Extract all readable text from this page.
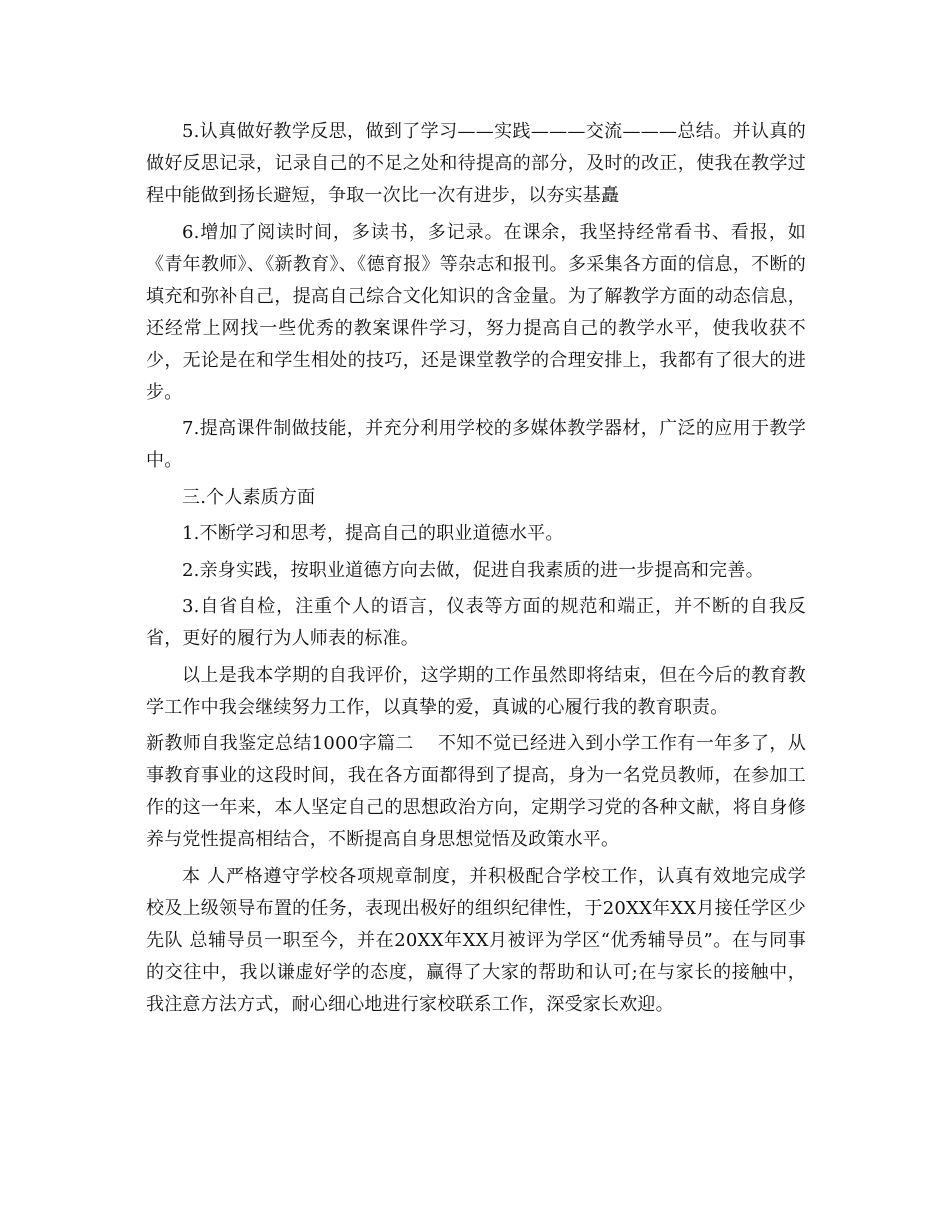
5.认真做好教学反思，做到了学习——实践———交流———总结。并认真的做好反思记录，记录自己的不足之处和待提高的部分，及时的改正，使我在教学过程中能做到扬长避短，争取一次比一次有进步，以夯实基矗

6.增加了阅读时间，多读书，多记录。在课余，我坚持经常看书、看报，如《青年教师》、《新教育》、《德育报》等杂志和报刊。多采集各方面的信息，不断的填充和弥补自己，提高自己综合文化知识的含金量。为了解教学方面的动态信息，还经常上网找一些优秀的教案课件学习，努力提高自己的教学水平，使我收获不少，无论是在和学生相处的技巧，还是课堂教学的合理安排上，我都有了很大的进步。

7.提高课件制做技能，并充分利用学校的多媒体教学器材，广泛的应用于教学中。

三.个人素质方面

1.不断学习和思考，提高自己的职业道德水平。

2.亲身实践，按职业道德方向去做，促进自我素质的进一步提高和完善。

3.自省自检，注重个人的语言，仪表等方面的规范和端正，并不断的自我反省，更好的履行为人师表的标准。

以上是我本学期的自我评价，这学期的工作虽然即将结束，但在今后的教育教学工作中我会继续努力工作，以真挚的爱，真诚的心履行我的教育职责。

新教师自我鉴定总结1000字篇二 不知不觉已经进入到小学工作有一年多了，从事教育事业的这段时间，我在各方面都得到了提高，身为一名党员教师，在参加工作的这一年来，本人坚定自己的思想政治方向，定期学习党的各种文献，将自身修养与党性提高相结合，不断提高自身思想觉悟及政策水平。

本 人严格遵守学校各项规章制度，并积极配合学校工作，认真有效地完成学校及上级领导布置的任务，表现出极好的组织纪律性，于20XX年XX月接任学区少先队 总辅导员一职至今，并在20XX年XX月被评为学区“优秀辅导员”。在与同事的交往中，我以谦虚好学的态度，赢得了大家的帮助和认可;在与家长的接触中， 我注意方法方式，耐心细心地进行家校联系工作，深受家长欢迎。
